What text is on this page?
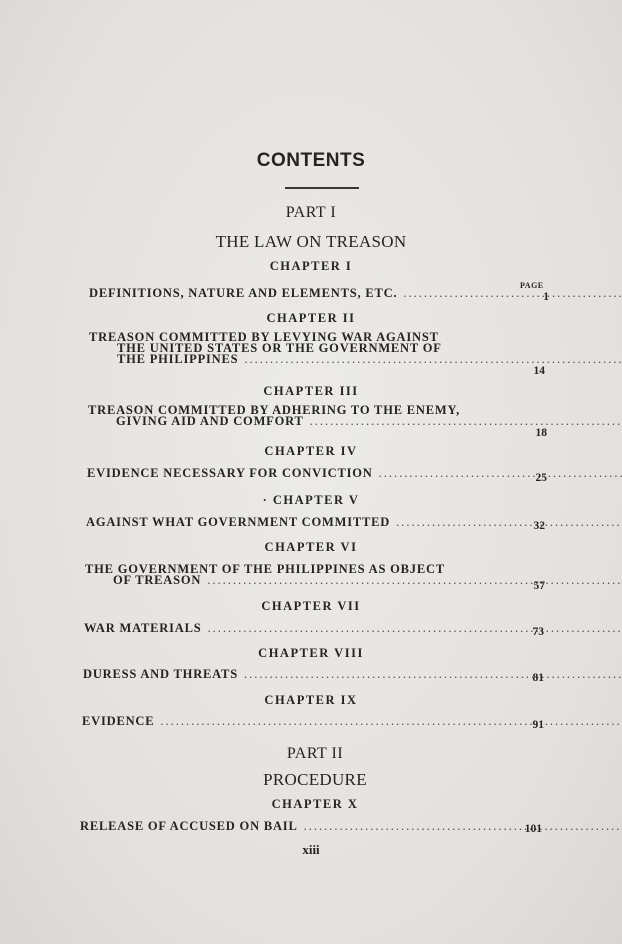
CONTENTS
PART I
THE LAW ON TREASON
CHAPTER I
PAGE
DEFINITIONS, NATURE AND ELEMENTS, ETC. .....	1
CHAPTER II
TREASON COMMITTED BY LEVYING WAR AGAINST
THE UNITED STATES OR THE GOVERNMENT OF
THE PHILIPPINES .....
14
CHAPTER III
TREASON COMMITTED BY ADHERING TO THE ENEMY,
GIVING AID AND COMFORT .....
18
CHAPTER IV
EVIDENCE NECESSARY FOR CONVICTION .....	25
· CHAPTER V
AGAINST WHAT GOVERNMENT COMMITTED .....	32
CHAPTER VI
THE GOVERNMENT OF THE PHILIPPINES AS OBJECT
OF TREASON .....	57
CHAPTER VII
WAR MATERIALS .....	73
CHAPTER VIII
DURESS AND THREATS .....	81
CHAPTER IX
EVIDENCE .....	91
PART II
PROCEDURE
CHAPTER X
RELEASE OF ACCUSED ON BAIL .....	101
xiii
